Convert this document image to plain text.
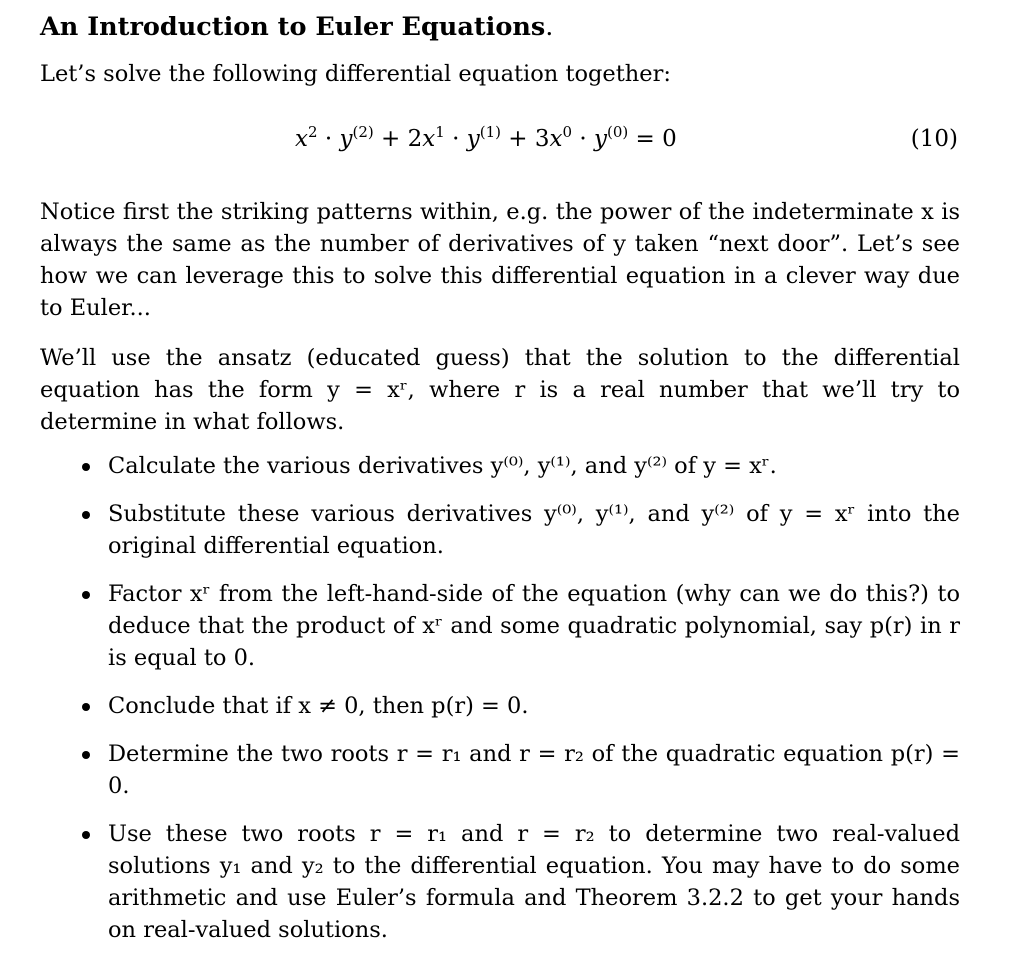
An Introduction to Euler Equations.

Let’s solve the following differential equation together:

$x^2 \cdot y^{(2)} + 2x^1 \cdot y^{(1)} + 3x^0 \cdot y^{(0)} = 0$	(10)

Notice first the striking patterns within, e.g. the power of the indeterminate x is always the same as the number of derivatives of y taken “next door”. Let’s see how we can leverage this to solve this differential equation in a clever way due to Euler...

We’ll use the ansatz (educated guess) that the solution to the differential equation has the form y = xʳ, where r is a real number that we’ll try to determine in what follows.

Calculate the various derivatives y⁽⁰⁾, y⁽¹⁾, and y⁽²⁾ of y = xʳ.
Substitute these various derivatives y⁽⁰⁾, y⁽¹⁾, and y⁽²⁾ of y = xʳ into the original differential equation.
Factor xʳ from the left-hand-side of the equation (why can we do this?) to deduce that the product of xʳ and some quadratic polynomial, say p(r) in r is equal to 0.
Conclude that if x ≠ 0, then p(r) = 0.
Determine the two roots r = r₁ and r = r₂ of the quadratic equation p(r) = 0.
Use these two roots r = r₁ and r = r₂ to determine two real-valued solutions y₁ and y₂ to the differential equation. You may have to do some arithmetic and use Euler’s formula and Theorem 3.2.2 to get your hands on real-valued solutions.
